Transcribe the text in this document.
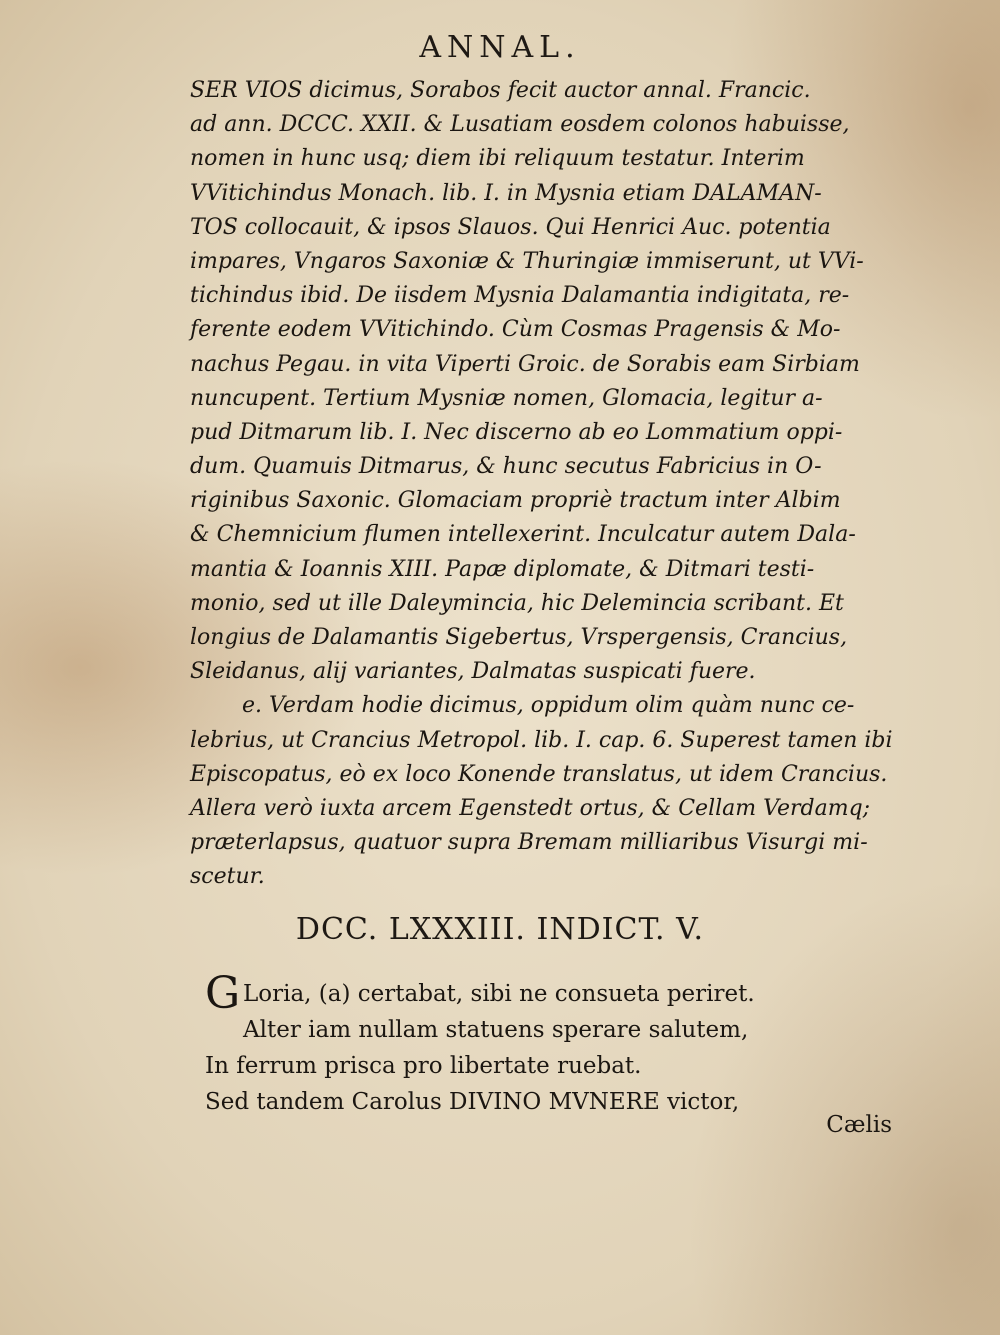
ANNAL.
SER VIOS dicimus, Sorabos fecit auctor annal. Francic.
ad ann. DCCC. XXII. & Lusatiam eosdem colonos habuisse,
nomen in hunc usq; diem ibi reliquum testatur. Interim
VVitichindus Monach. lib. I. in Mysnia etiam DALAMAN-
TOS collocauit, & ipsos Slauos. Qui Henrici Auc. potentia
impares, Vngaros Saxoniæ & Thuringiæ immiserunt, ut VVi-
tichindus ibid. De iisdem Mysnia Dalamantia indigitata, re-
ferente eodem VVitichindo. Cùm Cosmas Pragensis & Mo-
nachus Pegau. in vita Viperti Groic. de Sorabis eam Sirbiam
nuncupent. Tertium Mysniæ nomen, Glomacia, legitur a-
pud Ditmarum lib. I. Nec discerno ab eo Lommatium oppi-
dum. Quamuis Ditmarus, & hunc secutus Fabricius in O-
riginibus Saxonic. Glomaciam propriè tractum inter Albim
& Chemnicium flumen intellexerint. Inculcatur autem Dala-
mantia & Ioannis XIII. Papæ diplomate, & Ditmari testi-
monio, sed ut ille Daleymincia, hic Delemincia scribant. Et
longius de Dalamantis Sigebertus, Vrspergensis, Crancius,
Sleidanus, alij variantes, Dalmatas suspicati fuere.
e. Verdam hodie dicimus, oppidum olim quàm nunc ce-
lebrius, ut Crancius Metropol. lib. I. cap. 6. Superest tamen ibi
Episcopatus, eò ex loco Konende translatus, ut idem Crancius.
Allera verò iuxta arcem Egenstedt ortus, & Cellam Verdamq;
præterlapsus, quatuor supra Bremam milliaribus Visurgi mi-
scetur.
DCC. LXXXIII. INDICT. V.
G Loria, (a) certabat, sibi ne consueta periret.
Alter iam nullam statuens sperare salutem,
In ferrum prisca pro libertate ruebat.
Sed tandem Carolus DIVINO MVNERE victor,
Cælis
